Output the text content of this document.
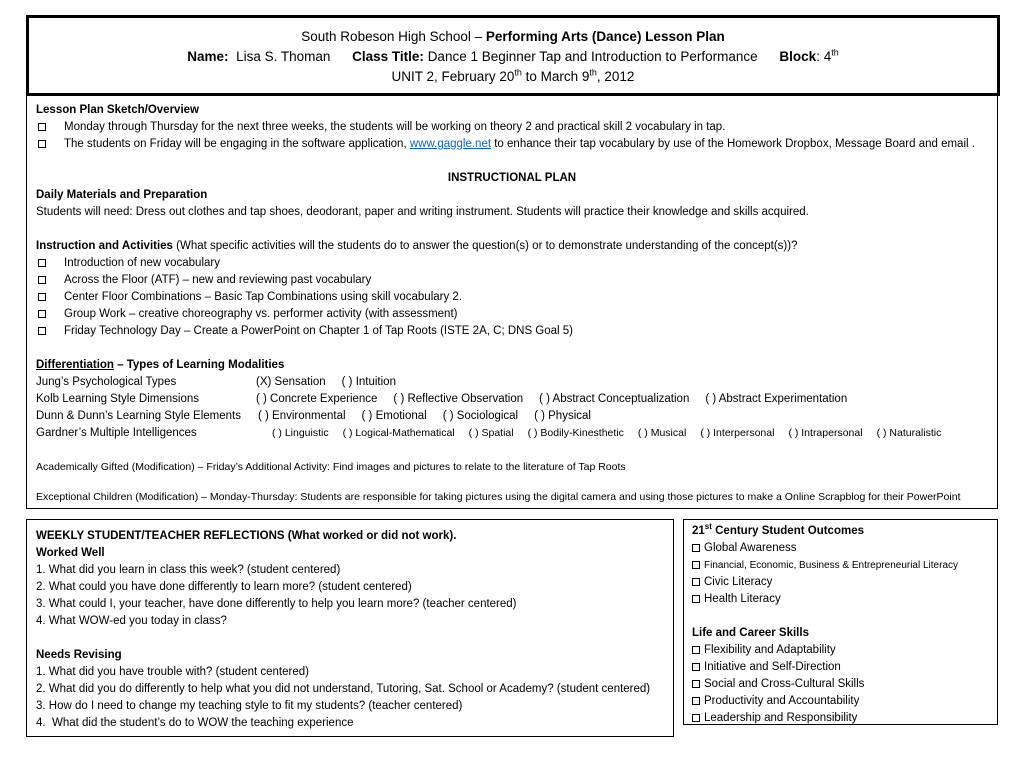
South Robeson High School – Performing Arts (Dance) Lesson Plan
Name: Lisa S. Thoman Class Title: Dance 1 Beginner Tap and Introduction to Performance Block: 4th
UNIT 2, February 20th to March 9th, 2012
Lesson Plan Sketch/Overview
Monday through Thursday for the next three weeks, the students will be working on theory 2 and practical skill 2 vocabulary in tap.
The students on Friday will be engaging in the software application, www.gaggle.net to enhance their tap vocabulary by use of the Homework Dropbox, Message Board and email .
INSTRUCTIONAL PLAN
Daily Materials and Preparation
Students will need: Dress out clothes and tap shoes, deodorant, paper and writing instrument. Students will practice their knowledge and skills acquired.
Instruction and Activities (What specific activities will the students do to answer the question(s) or to demonstrate understanding of the concept(s))?
Introduction of new vocabulary
Across the Floor (ATF) – new and reviewing past vocabulary
Center Floor Combinations – Basic Tap Combinations using skill vocabulary 2.
Group Work – creative choreography vs. performer activity (with assessment)
Friday Technology Day – Create a PowerPoint on Chapter 1 of Tap Roots (ISTE 2A, C; DNS Goal 5)
Differentiation – Types of Learning Modalities
Jung’s Psychological Types	(X) Sensation     ( ) Intuition
Kolb Learning Style Dimensions	( ) Concrete Experience     ( ) Reflective Observation     ( ) Abstract Conceptualization     ( ) Abstract Experimentation
Dunn & Dunn’s Learning Style Elements ( ) Environmental     ( ) Emotional     ( ) Sociological     ( ) Physical
Gardner’s Multiple Intelligences	( ) Linguistic ( ) Logical-Mathematical ( ) Spatial ( ) Bodily-Kinesthetic ( ) Musical ( ) Interpersonal ( ) Intrapersonal ( ) Naturalistic
Academically Gifted (Modification) – Friday’s Additional Activity: Find images and pictures to relate to the literature of Tap Roots
Exceptional Children (Modification) – Monday-Thursday: Students are responsible for taking pictures using the digital camera and using those pictures to make a Online Scrapblog for their PowerPoint
WEEKLY STUDENT/TEACHER REFLECTIONS (What worked or did not work).
Worked Well
1. What did you learn in class this week? (student centered)
2. What could you have done differently to learn more? (student centered)
3. What could I, your teacher, have done differently to help you learn more? (teacher centered)
4. What WOW-ed you today in class?
Needs Revising
1. What did you have trouble with? (student centered)
2. What did you do differently to help what you did not understand, Tutoring, Sat. School or Academy? (student centered)
3. How do I need to change my teaching style to fit my students? (teacher centered)
4.  What did the student’s do to WOW the teaching experience
21st Century Student Outcomes
Global Awareness
Financial, Economic, Business & Entrepreneurial Literacy
Civic Literacy
Health Literacy
Life and Career Skills
Flexibility and Adaptability
Initiative and Self-Direction
Social and Cross-Cultural Skills
Productivity and Accountability
Leadership and Responsibility
